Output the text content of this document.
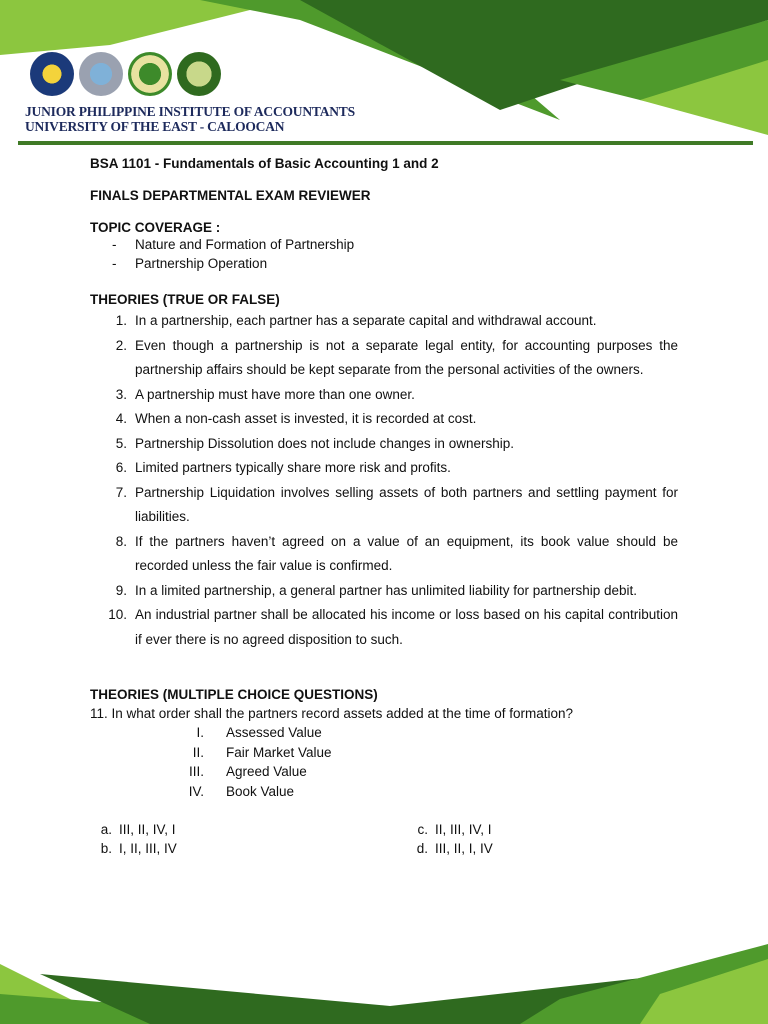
JUNIOR PHILIPPINE INSTITUTE OF ACCOUNTANTS
UNIVERSITY OF THE EAST - CALOOCAN

BSA 1101 - Fundamentals of Basic Accounting 1 and 2

FINALS DEPARTMENTAL EXAM REVIEWER

TOPIC COVERAGE :

-	Nature and Formation of Partnership
-	Partnership Operation

THEORIES (TRUE OR FALSE)

1. In a partnership, each partner has a separate capital and withdrawal account.
2. Even though a partnership is not a separate legal entity, for accounting purposes the partnership affairs should be kept separate from the personal activities of the owners.
3. A partnership must have more than one owner.
4. When a non-cash asset is invested, it is recorded at cost.
5. Partnership Dissolution does not include changes in ownership.
6. Limited partners typically share more risk and profits.
7. Partnership Liquidation involves selling assets of both partners and settling payment for liabilities.
8. If the partners haven’t agreed on a value of an equipment, its book value should be recorded unless the fair value is confirmed.
9. In a limited partnership, a general partner has unlimited liability for partnership debit.
10. An industrial partner shall be allocated his income or loss based on his capital contribution if ever there is no agreed disposition to such.

THEORIES (MULTIPLE CHOICE QUESTIONS)

11. In what order shall the partners record assets added at the time of formation?

I.	Assessed Value
II.	Fair Market Value
III.	Agreed Value
IV.	Book Value
a. III, II, IV, I
b. I, II, III, IV
c. II, III, IV, I
d. III, II, I, IV
